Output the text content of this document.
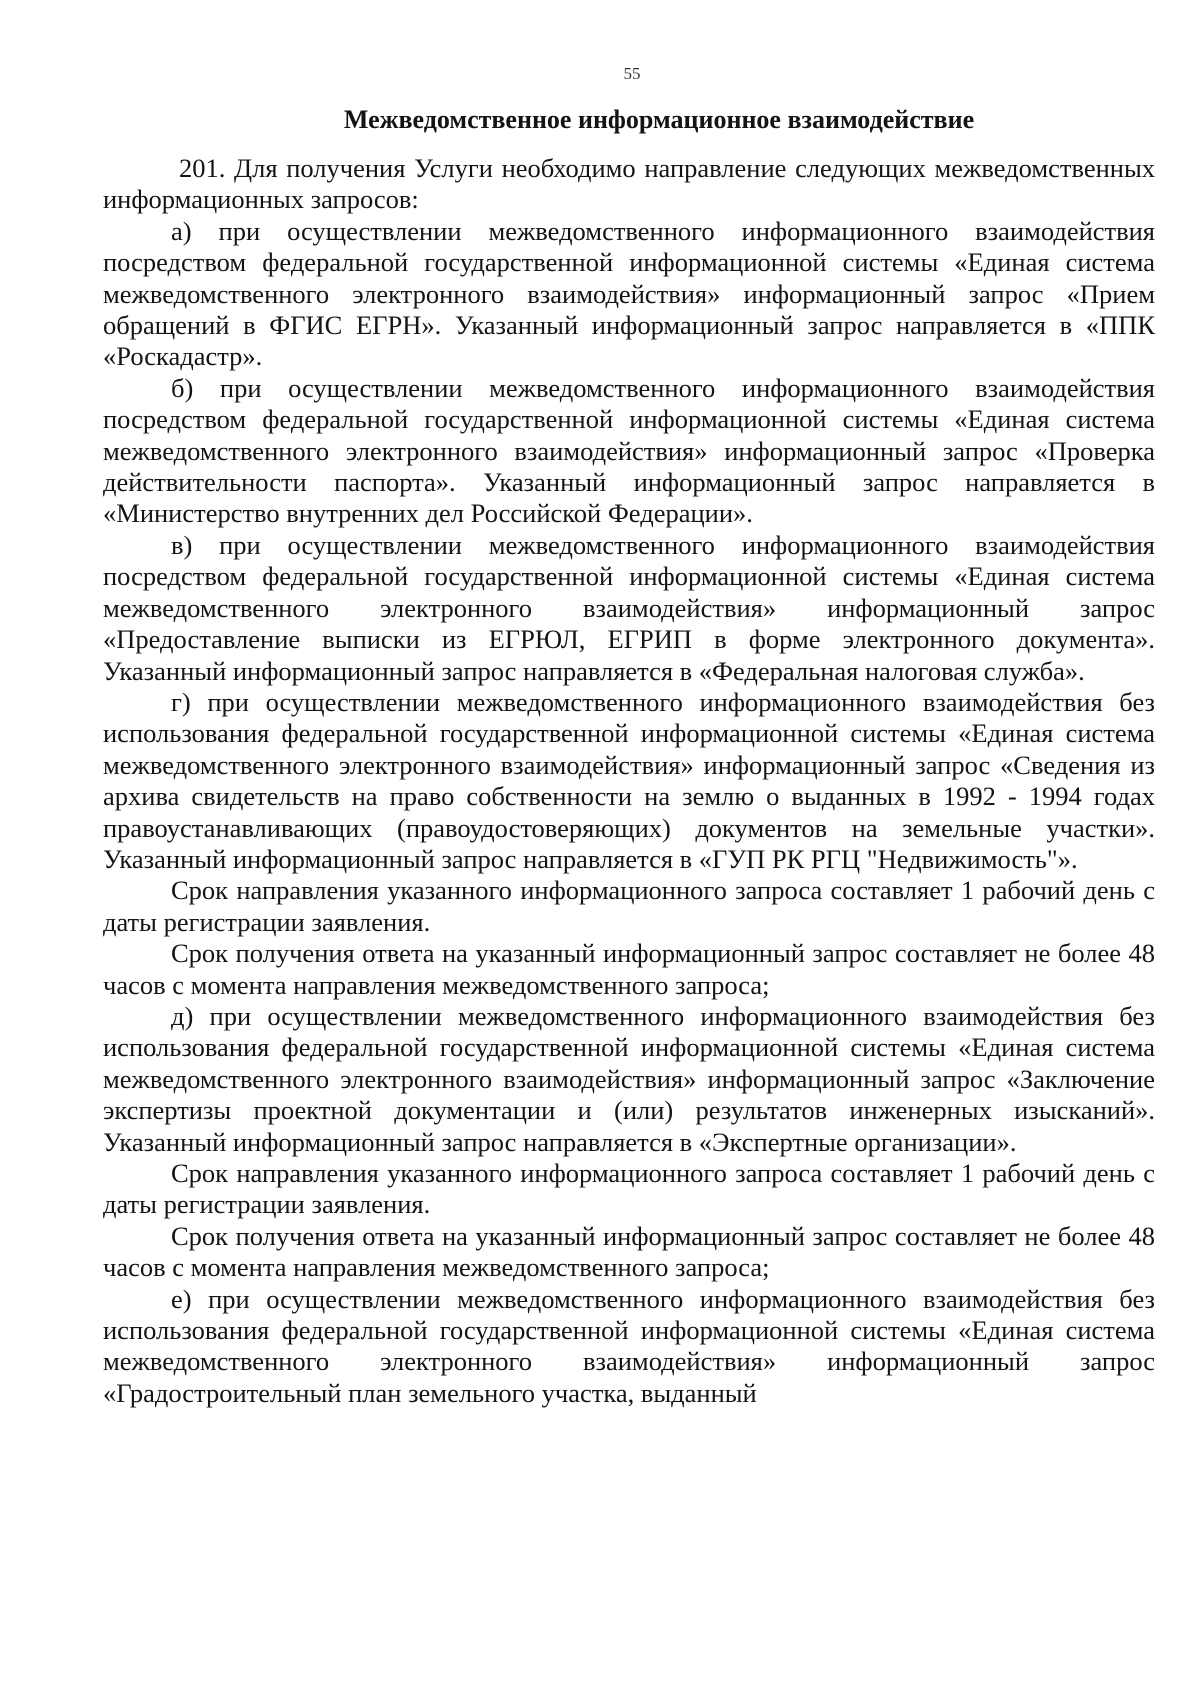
55
Межведомственное информационное взаимодействие

201. Для получения Услуги необходимо направление следующих межведомственных информационных запросов:

а) при осуществлении межведомственного информационного взаимодействия посредством федеральной государственной информационной системы «Единая система межведомственного электронного взаимодействия» информационный запрос «Прием обращений в ФГИС ЕГРН». Указанный информационный запрос направляется в «ППК «Роскадастр».

б) при осуществлении межведомственного информационного взаимодействия посредством федеральной государственной информационной системы «Единая система межведомственного электронного взаимодействия» информационный запрос «Проверка действительности паспорта». Указанный информационный запрос направляется в «Министерство внутренних дел Российской Федерации».

в) при осуществлении межведомственного информационного взаимодействия посредством федеральной государственной информационной системы «Единая система межведомственного электронного взаимодействия» информационный запрос «Предоставление выписки из ЕГРЮЛ, ЕГРИП в форме электронного документа». Указанный информационный запрос направляется в «Федеральная налоговая служба».

г) при осуществлении межведомственного информационного взаимодействия без использования федеральной государственной информационной системы «Единая система межведомственного электронного взаимодействия» информационный запрос «Сведения из архива свидетельств на право собственности на землю о выданных в 1992 - 1994 годах правоустанавливающих (правоудостоверяющих) документов на земельные участки». Указанный информационный запрос направляется в «ГУП РК РГЦ "Недвижимость"».

Срок направления указанного информационного запроса составляет 1 рабочий день с даты регистрации заявления.

Срок получения ответа на указанный информационный запрос составляет не более 48 часов с момента направления межведомственного запроса;

д) при осуществлении межведомственного информационного взаимодействия без использования федеральной государственной информационной системы «Единая система межведомственного электронного взаимодействия» информационный запрос «Заключение экспертизы проектной документации и (или) результатов инженерных изысканий». Указанный информационный запрос направляется в «Экспертные организации».

Срок направления указанного информационного запроса составляет 1 рабочий день с даты регистрации заявления.

Срок получения ответа на указанный информационный запрос составляет не более 48 часов с момента направления межведомственного запроса;

е) при осуществлении межведомственного информационного взаимодействия без использования федеральной государственной информационной системы «Единая система межведомственного электронного взаимодействия» информационный запрос «Градостроительный план земельного участка, выданный
